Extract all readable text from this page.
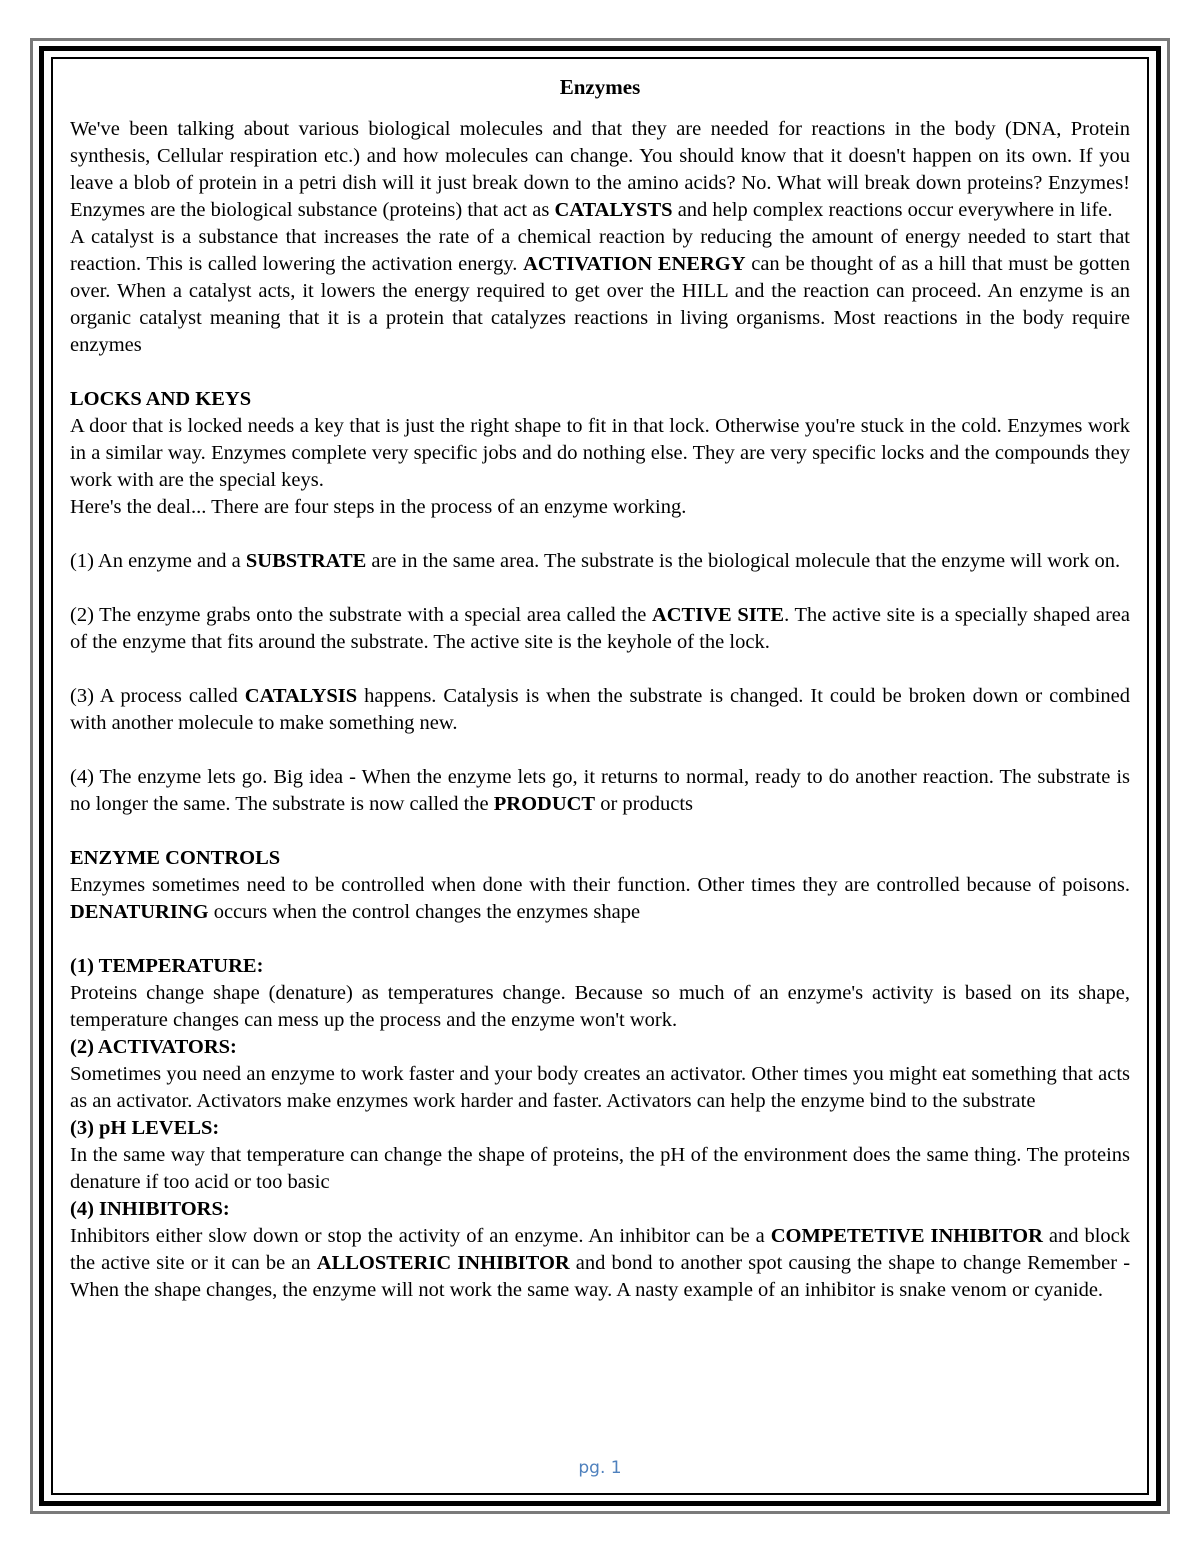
Enzymes

We've been talking about various biological molecules and that they are needed for reactions in the body (DNA, Protein synthesis, Cellular respiration etc.) and how molecules can change. You should know that it doesn't happen on its own. If you leave a blob of protein in a petri dish will it just break down to the amino acids? No. What will break down proteins? Enzymes! Enzymes are the biological substance (proteins) that act as CATALYSTS and help complex reactions occur everywhere in life.

A catalyst is a substance that increases the rate of a chemical reaction by reducing the amount of energy needed to start that reaction. This is called lowering the activation energy. ACTIVATION ENERGY can be thought of as a hill that must be gotten over. When a catalyst acts, it lowers the energy required to get over the HILL and the reaction can proceed. An enzyme is an organic catalyst meaning that it is a protein that catalyzes reactions in living organisms. Most reactions in the body require enzymes

LOCKS AND KEYS

A door that is locked needs a key that is just the right shape to fit in that lock. Otherwise you're stuck in the cold. Enzymes work in a similar way. Enzymes complete very specific jobs and do nothing else. They are very specific locks and the compounds they work with are the special keys.

Here's the deal... There are four steps in the process of an enzyme working.

(1) An enzyme and a SUBSTRATE are in the same area. The substrate is the biological molecule that the enzyme will work on.

(2) The enzyme grabs onto the substrate with a special area called the ACTIVE SITE. The active site is a specially shaped area of the enzyme that fits around the substrate. The active site is the keyhole of the lock.

(3) A process called CATALYSIS happens. Catalysis is when the substrate is changed. It could be broken down or combined with another molecule to make something new.

(4) The enzyme lets go. Big idea - When the enzyme lets go, it returns to normal, ready to do another reaction. The substrate is no longer the same. The substrate is now called the PRODUCT or products

ENZYME CONTROLS

Enzymes sometimes need to be controlled when done with their function. Other times they are controlled because of poisons. DENATURING occurs when the control changes the enzymes shape

(1) TEMPERATURE:

Proteins change shape (denature) as temperatures change. Because so much of an enzyme's activity is based on its shape, temperature changes can mess up the process and the enzyme won't work.

(2) ACTIVATORS:

Sometimes you need an enzyme to work faster and your body creates an activator. Other times you might eat something that acts as an activator. Activators make enzymes work harder and faster. Activators can help the enzyme bind to the substrate

(3) pH LEVELS:

In the same way that temperature can change the shape of proteins, the pH of the environment does the same thing. The proteins denature if too acid or too basic

(4) INHIBITORS:

Inhibitors either slow down or stop the activity of an enzyme. An inhibitor can be a COMPETETIVE INHIBITOR and block the active site or it can be an ALLOSTERIC INHIBITOR and bond to another spot causing the shape to change Remember - When the shape changes, the enzyme will not work the same way. A nasty example of an inhibitor is snake venom or cyanide.

pg. 1
